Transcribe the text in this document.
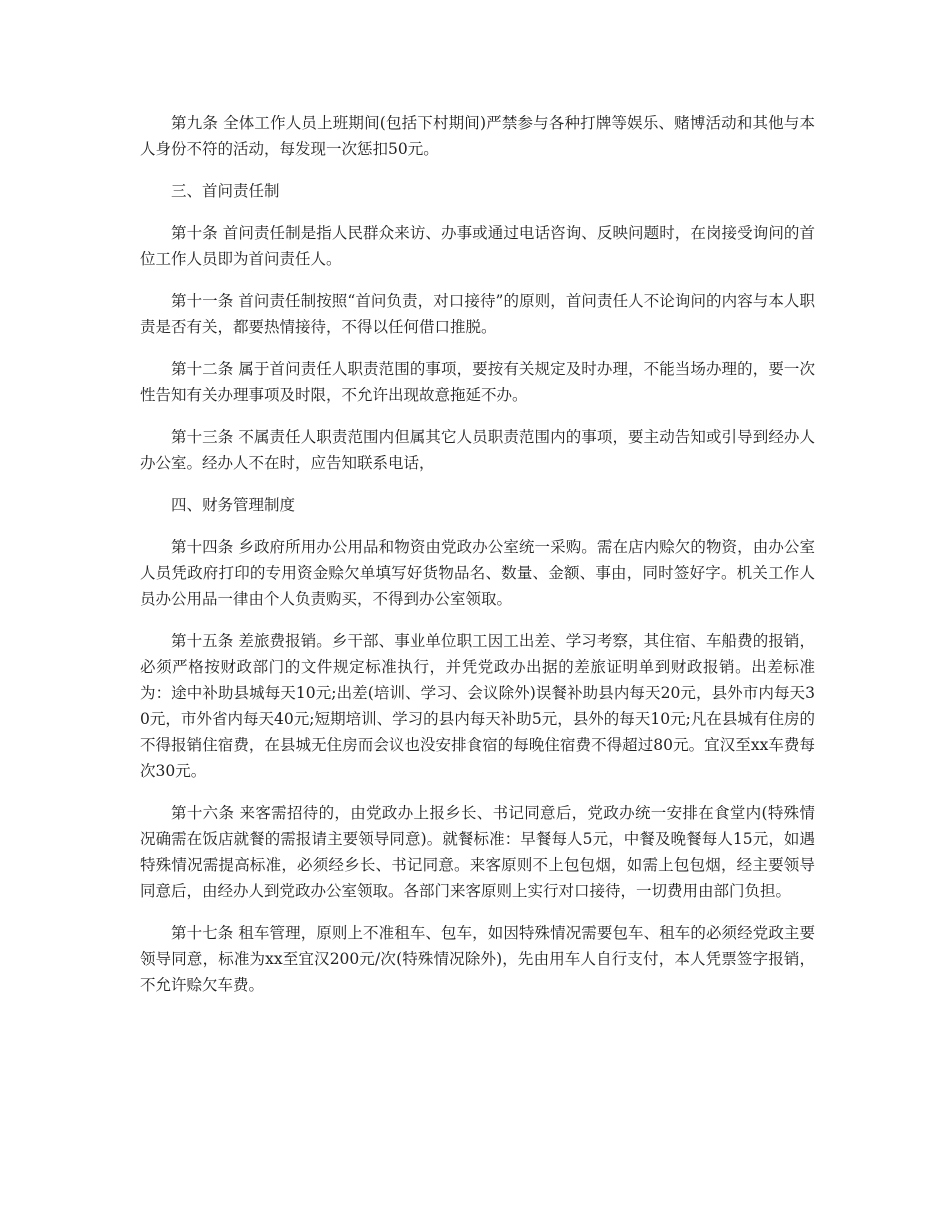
第九条 全体工作人员上班期间(包括下村期间)严禁参与各种打牌等娱乐、赌博活动和其他与本人身份不符的活动，每发现一次惩扣50元。

三、首问责任制

第十条 首问责任制是指人民群众来访、办事或通过电话咨询、反映问题时，在岗接受询问的首位工作人员即为首问责任人。

第十一条 首问责任制按照“首问负责，对口接待”的原则，首问责任人不论询问的内容与本人职责是否有关，都要热情接待，不得以任何借口推脱。

第十二条 属于首问责任人职责范围的事项，要按有关规定及时办理，不能当场办理的，要一次性告知有关办理事项及时限，不允许出现故意拖延不办。

第十三条 不属责任人职责范围内但属其它人员职责范围内的事项，要主动告知或引导到经办人办公室。经办人不在时，应告知联系电话，

四、财务管理制度

第十四条 乡政府所用办公用品和物资由党政办公室统一采购。需在店内赊欠的物资，由办公室人员凭政府打印的专用资金赊欠单填写好货物品名、数量、金额、事由，同时签好字。机关工作人员办公用品一律由个人负责购买，不得到办公室领取。

第十五条 差旅费报销。乡干部、事业单位职工因工出差、学习考察，其住宿、车船费的报销，必须严格按财政部门的文件规定标准执行，并凭党政办出据的差旅证明单到财政报销。出差标准为：途中补助县城每天10元;出差(培训、学习、会议除外)误餐补助县内每天20元，县外市内每天30元，市外省内每天40元;短期培训、学习的县内每天补助5元，县外的每天10元;凡在县城有住房的不得报销住宿费，在县城无住房而会议也没安排食宿的每晚住宿费不得超过80元。宜汉至xx车费每次30元。

第十六条 来客需招待的，由党政办上报乡长、书记同意后，党政办统一安排在食堂内(特殊情况确需在饭店就餐的需报请主要领导同意)。就餐标准：早餐每人5元，中餐及晚餐每人15元，如遇特殊情况需提高标准，必须经乡长、书记同意。来客原则不上包包烟，如需上包包烟，经主要领导同意后，由经办人到党政办公室领取。各部门来客原则上实行对口接待，一切费用由部门负担。

第十七条 租车管理，原则上不准租车、包车，如因特殊情况需要包车、租车的必须经党政主要领导同意，标准为xx至宜汉200元/次(特殊情况除外)，先由用车人自行支付，本人凭票签字报销，不允许赊欠车费。
